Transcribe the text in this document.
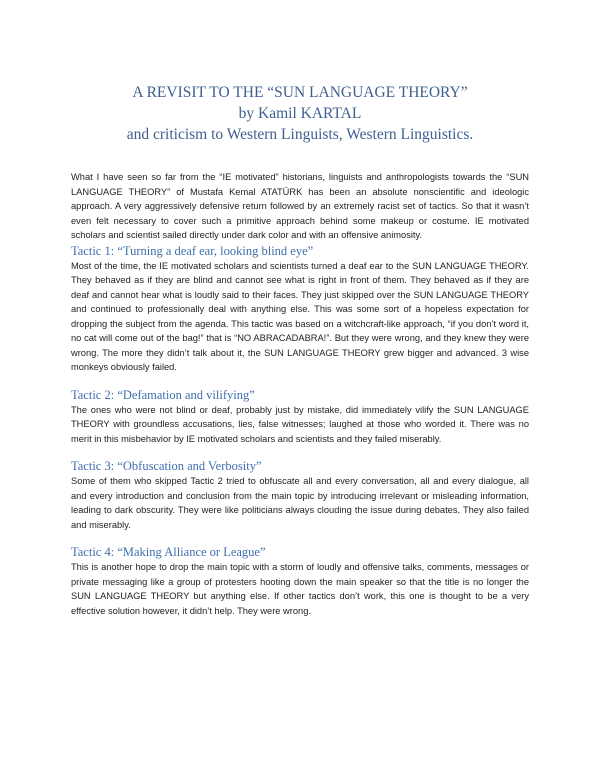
A REVISIT TO THE “SUN LANGUAGE THEORY”
by Kamil KARTAL
and criticism to Western Linguists, Western Linguistics.

What I have seen so far from the “IE motivated” historians, linguists and anthropologists towards the “SUN LANGUAGE THEORY” of Mustafa Kemal ATATÜRK has been an absolute nonscientific and ideologic approach. A very aggressively defensive return followed by an extremely racist set of tactics. So that it wasn’t even felt necessary to cover such a primitive approach behind some makeup or costume. IE motivated scholars and scientist sailed directly under dark color and with an offensive animosity.

Tactic 1: “Turning a deaf ear, looking blind eye”

Most of the time, the IE motivated scholars and scientists turned a deaf ear to the SUN LANGUAGE THEORY. They behaved as if they are blind and cannot see what is right in front of them. They behaved as if they are deaf and cannot hear what is loudly said to their faces. They just skipped over the SUN LANGUAGE THEORY and continued to professionally deal with anything else. This was some sort of a hopeless expectation for dropping the subject from the agenda. This tactic was based on a witchcraft-like approach, “if you don’t word it, no cat will come out of the bag!” that is “NO ABRACADABRA!”. But they were wrong, and they knew they were wrong. The more they didn’t talk about it, the SUN LANGUAGE THEORY grew bigger and advanced. 3 wise monkeys obviously failed.

Tactic 2: “Defamation and vilifying”

The ones who were not blind or deaf, probably just by mistake, did immediately vilify the SUN LANGUAGE THEORY with groundless accusations, lies, false witnesses; laughed at those who worded it. There was no merit in this misbehavior by IE motivated scholars and scientists and they failed miserably.

Tactic 3: “Obfuscation and Verbosity”

Some of them who skipped Tactic 2 tried to obfuscate all and every conversation, all and every dialogue, all and every introduction and conclusion from the main topic by introducing irrelevant or misleading information, leading to dark obscurity. They were like politicians always clouding the issue during debates. They also failed and miserably.

Tactic 4: “Making Alliance or League”

This is another hope to drop the main topic with a storm of loudly and offensive talks, comments, messages or private messaging like a group of protesters hooting down the main speaker so that the title is no longer the SUN LANGUAGE THEORY but anything else. If other tactics don’t work, this one is thought to be a very effective solution however, it didn’t help. They were wrong.
